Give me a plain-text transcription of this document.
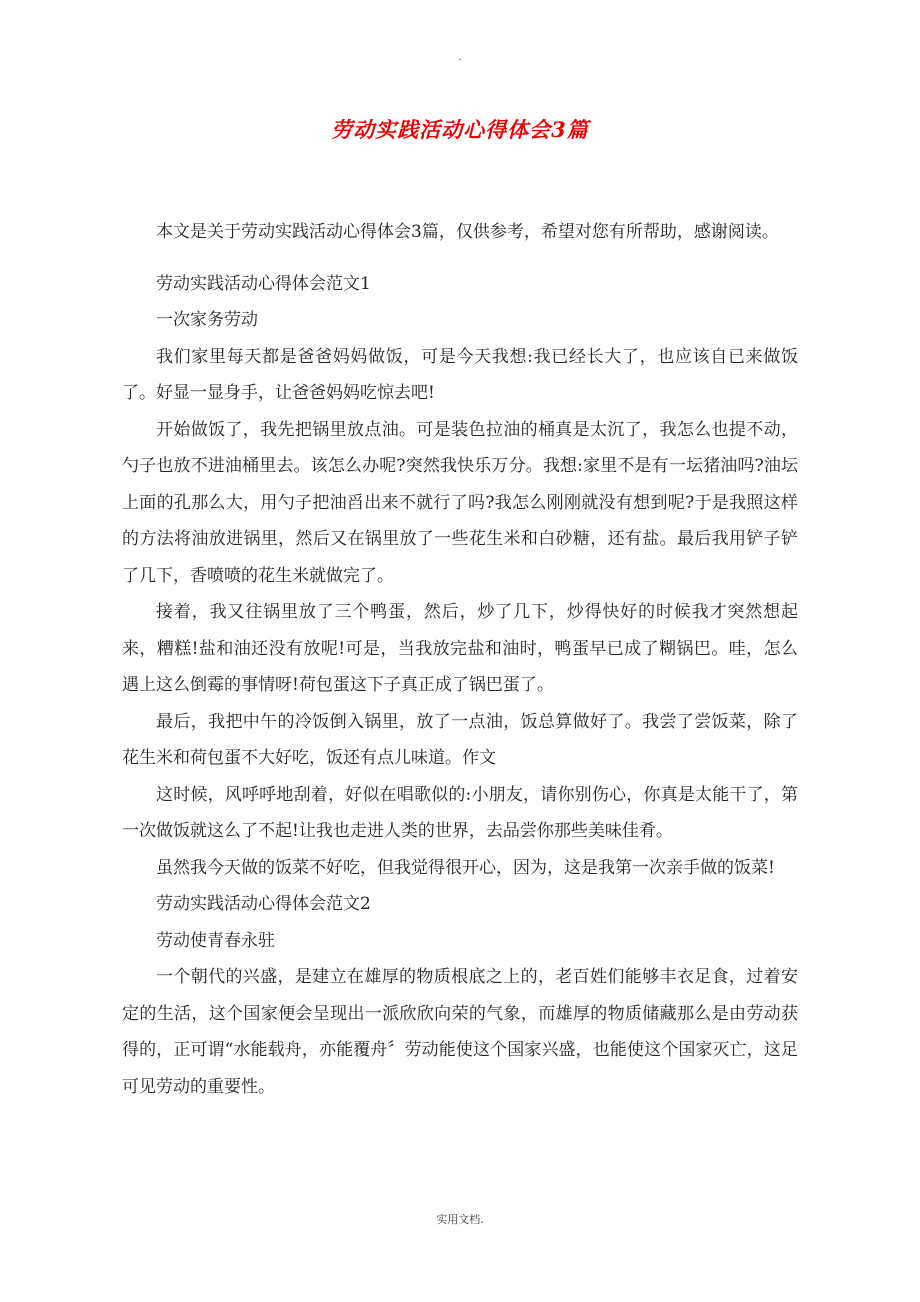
.
劳动实践活动心得体会3篇

本文是关于劳动实践活动心得体会3篇，仅供参考，希望对您有所帮助，感谢阅读。

劳动实践活动心得体会范文1

一次家务劳动

我们家里每天都是爸爸妈妈做饭，可是今天我想:我已经长大了，也应该自已来做饭了。好显一显身手，让爸爸妈妈吃惊去吧!

开始做饭了，我先把锅里放点油。可是装色拉油的桶真是太沉了，我怎么也提不动，勺子也放不进油桶里去。该怎么办呢?突然我快乐万分。我想:家里不是有一坛猪油吗?油坛上面的孔那么大，用勺子把油舀出来不就行了吗?我怎么刚刚就没有想到呢?于是我照这样的方法将油放进锅里，然后又在锅里放了一些花生米和白砂糖，还有盐。最后我用铲子铲了几下，香喷喷的花生米就做完了。

接着，我又往锅里放了三个鸭蛋，然后，炒了几下，炒得快好的时候我才突然想起来，糟糕!盐和油还没有放呢!可是，当我放完盐和油时，鸭蛋早已成了糊锅巴。哇，怎么遇上这么倒霉的事情呀!荷包蛋这下子真正成了锅巴蛋了。

最后，我把中午的冷饭倒入锅里，放了一点油，饭总算做好了。我尝了尝饭菜，除了花生米和荷包蛋不大好吃，饭还有点儿味道。作文

这时候，风呼呼地刮着，好似在唱歌似的:小朋友，请你别伤心，你真是太能干了，第一次做饭就这么了不起!让我也走进人类的世界，去品尝你那些美味佳肴。

虽然我今天做的饭菜不好吃，但我觉得很开心，因为，这是我第一次亲手做的饭菜!

劳动实践活动心得体会范文2

劳动使青春永驻

一个朝代的兴盛，是建立在雄厚的物质根底之上的，老百姓们能够丰衣足食，过着安定的生活，这个国家便会呈现出一派欣欣向荣的气象，而雄厚的物质储藏那么是由劳动获得的，正可谓“水能载舟，亦能覆舟〞劳动能使这个国家兴盛，也能使这个国家灭亡，这足可见劳动的重要性。

实用文档.
